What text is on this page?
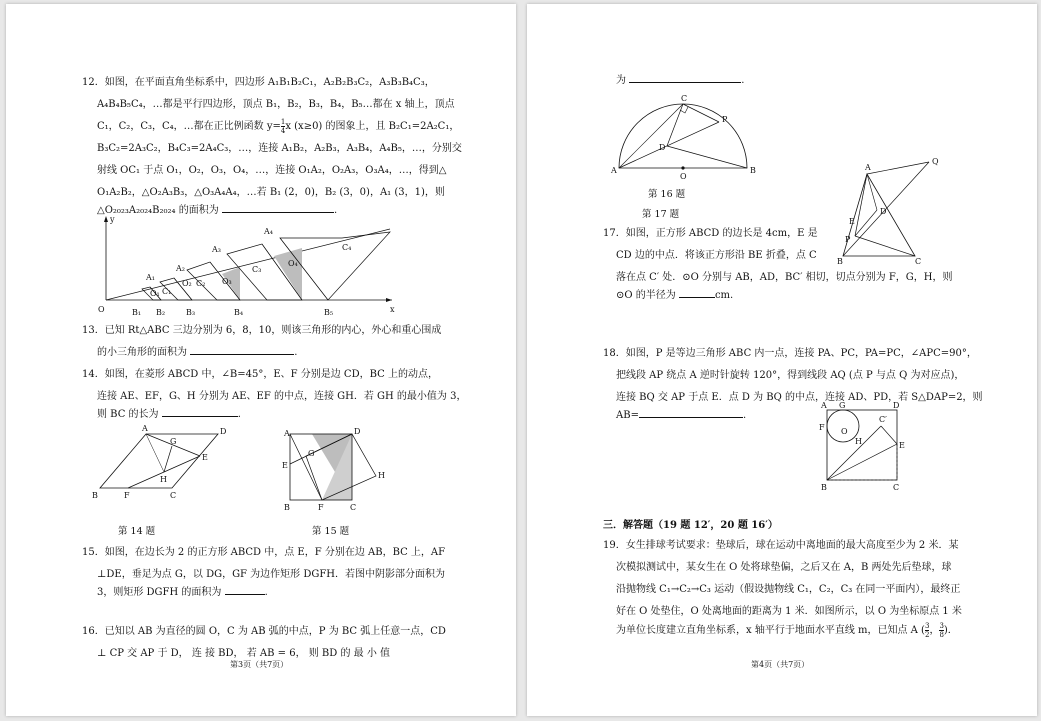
12．如图，在平面直角坐标系中，四边形 A₁B₁B₂C₁，A₂B₂B₃C₂，A₃B₃B₄C₃，
A₄B₄B₅C₄，…都是平行四边形，顶点 B₁，B₂，B₃，B₄，B₅…都在 x 轴上，顶点
C₁，C₂，C₃，C₄，…都在正比例函数 $y= \frac{1}{4}$ x (x≥0) 的图象上，且 B₂C₁=2A₂C₁，
B₃C₂=2A₃C₂，B₄C₃=2A₄C₃，…，连接 A₁B₂，A₂B₃，A₃B₄，A₄B₅，…，分别交
射线 OC₁ 于点 O₁，O₂，O₃，O₄，…，连接 O₁A₂，O₂A₃，O₃A₄，…，得到△
O₁A₂B₂，△O₂A₃B₃，△O₃A₄A₄，…若 B₁ (2，0)，B₂ (3，0)，A₁ (3，1)，则
△O₂₀₂₃A₂₀₂₄B₂₀₂₄ 的面积为	.
y
x
O
A₁
A₂
A₃
A₄
B₁ B₂	B₃	B₄	B₅
C₁
C₂
C₃
C₄
O₁
O₂	O₃
O₄
13．已知 Rt△ABC 三边分别为 6，8，10，则该三角形的内心，外心和重心围成
的小三角形的面积为	.
14．如图，在菱形 ABCD 中，∠B=45°，E、F 分别是边 CD，BC 上的动点，
连接 AE、EF，G、H 分别为 AE、EF 的中点，连接 GH．若 GH 的最小值为 3，
则 BC 的长为	.
A	D
G
E
H
B	F	C
A	D
G
E
H
B	F	C
第 14 题	第 15 题
15．如图，在边长为 2 的正方形 ABCD 中，点 E，F 分别在边 AB，BC 上，AF
⊥DE，垂足为点 G，以 DG，GF 为边作矩形 DGFH．若图中阴影部分面积为
3，则矩形 DGFH 的面积为	.
16．已知以 AB 为直径的圆 O，C 为 AB 弧的中点，P 为 BC 弧上任意一点，CD
⊥ CP 交 AP 于 D， 连 接 BD， 若 AB = 6， 则 BD 的 最 小 值
第3页（共7页）
为	.
C
P
D
A
O
B
第 16 题
第 17 题
A
Q
E
D
P
B	C
17．如图，正方形 ABCD 的边长是 4cm，E 是
CD 边的中点．将该正方形沿 BE 折叠，点 C
落在点 C′ 处．⊙O 分别与 AB，AD，BC′ 相切，切点分别为 F，G，H，则
⊙O 的半径为	cm.
18．如图，P 是等边三角形 ABC 内一点，连接 PA、PC，PA=PC，∠APC=90°，
把线段 AP 绕点 A 逆时针旋转 120°，得到线段 AQ (点 P 与点 Q 为对应点)，
连接 BQ 交 AP 于点 E．点 D 为 BQ 的中点，连接 AD、PD，若 S△DAP=2，则
AB=	.
A G	D
F
C′
O
H	E
B	C
三．解答题（19 题 12′，20 题 16′）
19．女生排球考试要求：垫球后，球在运动中离地面的最大高度至少为 2 米．某
次模拟测试中，某女生在 O 处将球垫偏，之后又在 A，B 两处先后垫球，球
沿抛物线 C₁→C₂→C₃ 运动（假设抛物线 C₁，C₂，C₃ 在同一平面内），最终正
好在 O 处垫住，O 处离地面的距离为 1 米．如图所示，以 O 为坐标原点 1 米
为单位长度建立直角坐标系，x 轴平行于地面水平直线 m，已知点 A ( $\frac{3}{2}$ ， $\frac{3}{8}$ )．
第4页（共7页）
